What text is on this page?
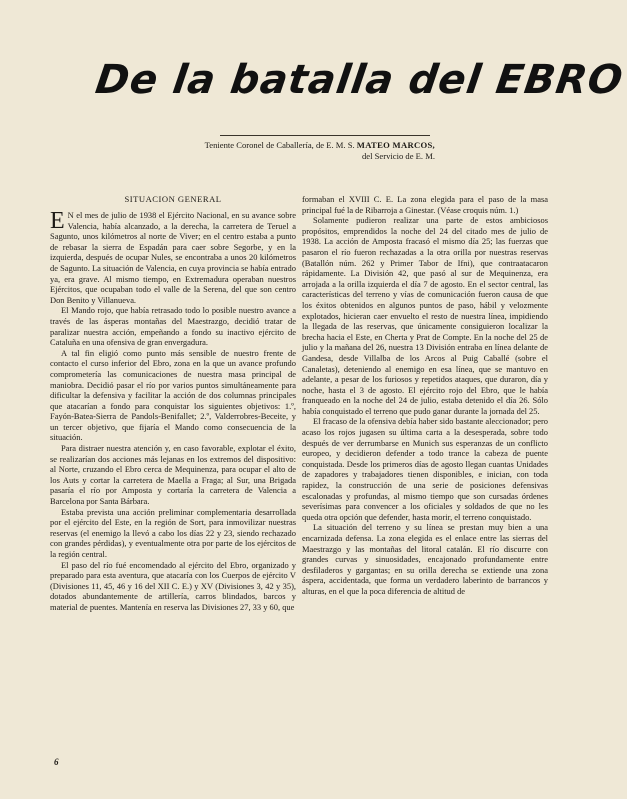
De la batalla del EBRO
Teniente Coronel de Caballería, de E. M. S. MATEO MARCOS,
del Servicio de E. M.
SITUACION GENERAL

E N el mes de julio de 1938 el Ejército Nacional, en su avance sobre Valencia, había alcanzado, a la derecha, la carretera de Teruel a Sagunto, unos kilómetros al norte de Viver; en el centro estaba a punto de rebasar la sierra de Espadán para caer sobre Segorbe, y en la izquierda, después de ocupar Nules, se encontraba a unos 20 kilómetros de Sagunto. La situación de Valencia, en cuya provincia se había entrado ya, era grave. Al mismo tiempo, en Extremadura operaban nuestros Ejércitos, que ocupaban todo el valle de la Serena, del que son centro Don Benito y Villanueva.

El Mando rojo, que había retrasado todo lo posible nuestro avance a través de las ásperas montañas del Maestrazgo, decidió tratar de paralizar nuestra acción, empeñando a fondo su inactivo ejército de Cataluña en una ofensiva de gran envergadura.

A tal fin eligió como punto más sensible de nuestro frente de contacto el curso inferior del Ebro, zona en la que un avance profundo comprometería las comunicaciones de nuestra masa principal de maniobra. Decidió pasar el río por varios puntos simultáneamente para dificultar la defensiva y facilitar la acción de dos columnas principales que atacarían a fondo para conquistar los siguientes objetivos: 1.º, Fayón-Batea-Sierra de Pandols-Benifallet; 2.º, Valderrobres-Beceite, y un tercer objetivo, que fijaría el Mando como consecuencia de la situación.

Para distraer nuestra atención y, en caso favorable, explotar el éxito, se realizarían dos acciones más lejanas en los extremos del dispositivo: al Norte, cruzando el Ebro cerca de Mequinenza, para ocupar el alto de los Auts y cortar la carretera de Maella a Fraga; al Sur, una Brigada pasaría el río por Amposta y cortaría la carretera de Valencia a Barcelona por Santa Bárbara.

Estaba prevista una acción preliminar complementaria desarrollada por el ejército del Este, en la región de Sort, para inmovilizar nuestras reservas (el enemigo la llevó a cabo los días 22 y 23, siendo rechazado con grandes pérdidas), y eventualmente otra por parte de los ejércitos de la región central.

El paso del río fué encomendado al ejército del Ebro, organizado y preparado para esta aventura, que atacaría con los Cuerpos de ejército V (Divisiones 11, 45, 46 y 16 del XII C. E.) y XV (Divisiones 3, 42 y 35), dotados abundantemente de artillería, carros blindados, barcos y material de puentes. Mantenía en reserva las Divisiones 27, 33 y 60, que

formaban el XVIII C. E. La zona elegida para el paso de la masa principal fué la de Ribarroja a Ginestar. (Véase croquis núm. 1.)

Solamente pudieron realizar una parte de estos ambiciosos propósitos, emprendidos la noche del 24 del citado mes de julio de 1938. La acción de Amposta fracasó el mismo día 25; las fuerzas que pasaron el río fueron rechazadas a la otra orilla por nuestras reservas (Batallón núm. 262 y Primer Tabor de Ifni), que contraatacaron rápidamente. La División 42, que pasó al sur de Mequinenza, era arrojada a la orilla izquierda el día 7 de agosto. En el sector central, las características del terreno y vías de comunicación fueron causa de que los éxitos obtenidos en algunos puntos de paso, hábil y velozmente explotados, hicieran caer envuelto el resto de nuestra línea, impidiendo la llegada de las reservas, que únicamente consiguieron localizar la brecha hacia el Este, en Cherta y Prat de Compte. En la noche del 25 de julio y la mañana del 26, nuestra 13 División entraba en línea delante de Gandesa, desde Villalba de los Arcos al Puig Caballé (sobre el Canaletas), deteniendo al enemigo en esa línea, que se mantuvo en adelante, a pesar de los furiosos y repetidos ataques, que duraron, día y noche, hasta el 3 de agosto. El ejército rojo del Ebro, que le había franqueado en la noche del 24 de julio, estaba detenido el día 26. Sólo había conquistado el terreno que pudo ganar durante la jornada del 25.

El fracaso de la ofensiva debía haber sido bastante aleccionador; pero acaso los rojos jugasen su última carta a la desesperada, sobre todo después de ver derrumbarse en Munich sus esperanzas de un conflicto europeo, y decidieron defender a todo trance la cabeza de puente conquistada. Desde los primeros días de agosto llegan cuantas Unidades de zapadores y trabajadores tienen disponibles, e inician, con toda rapidez, la construcción de una serie de posiciones defensivas escalonadas y profundas, al mismo tiempo que son cursadas órdenes severísimas para convencer a los oficiales y soldados de que no les queda otra opción que defender, hasta morir, el terreno conquistado.

La situación del terreno y su línea se prestan muy bien a una encarnizada defensa. La zona elegida es el enlace entre las sierras del Maestrazgo y las montañas del litoral catalán. El río discurre con grandes curvas y sinuosidades, encajonado profundamente entre desfiladeros y gargantas; en su orilla derecha se extiende una zona áspera, accidentada, que forma un verdadero laberinto de barrancos y alturas, en el que la poca diferencia de altitud de

6
